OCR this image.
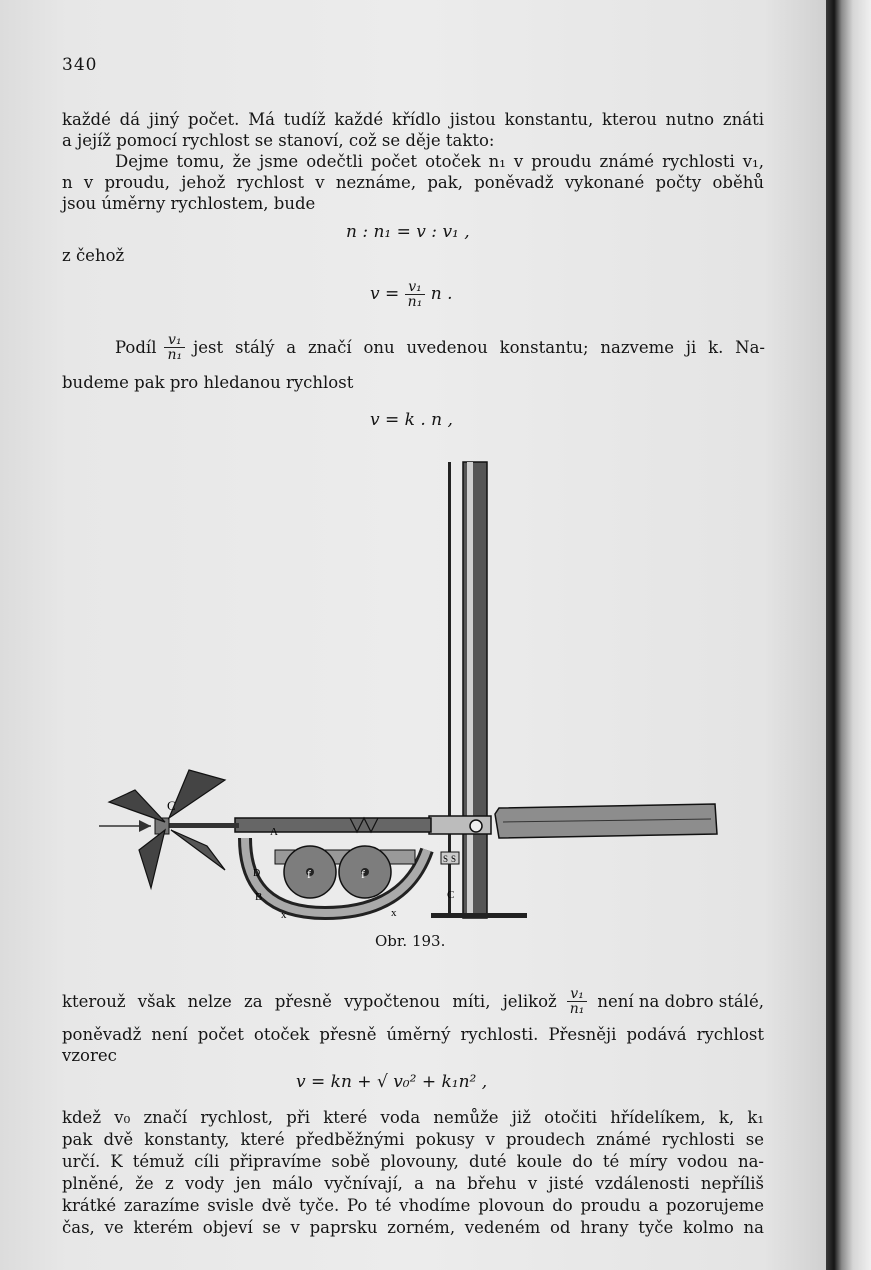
340
každé dá jiný počet. Má tudíž každé křídlo jistou konstantu, kterou nutno znáti
a jejíž pomocí rychlost se stanoví, což se děje takto:
Dejme tomu, že jsme odečtli počet otoček n₁ v proudu známé rychlosti v₁,
n v proudu, jehož rychlost v neznáme, pak, poněvadž vykonané počty oběhů
jsou úměrny rychlostem, bude
n : n₁ = v : v₁ ,
z čehož
$v = \frac{\text{v₁}}{\text{n₁}}$ n .
Podíl $\frac{\text{v₁}}{\text{n₁}}$ jest stálý a značí onu uvedenou konstantu; nazveme ji k. Na-
budeme pak pro hledanou rychlost
v = k . n ,
C
A
B
D
x	x
S S
C
f	f
Obr. 193.
kterouž však nelze za přesně vypočtenou míti, jelikož $\frac{\text{v₁}}{\text{n₁}}$ není na dobro stálé,
poněvadž není počet otoček přesně úměrný rychlosti. Přesněji podává rychlost
vzorec
v = kn + √ v₀² + k₁n² ,
kdež v₀ značí rychlost, při které voda nemůže již otočiti hřídelíkem, k, k₁
pak dvě konstanty, které předběžnými pokusy v proudech známé rychlosti se
určí. K témuž cíli připravíme sobě plovouny, duté koule do té míry vodou na-
plněné, že z vody jen málo vyčnívají, a na břehu v jisté vzdálenosti nepříliš
krátké zarazíme svisle dvě tyče. Po té vhodíme plovoun do proudu a pozorujeme
čas, ve kterém objeví se v paprsku zorném, vedeném od hrany tyče kolmo na
